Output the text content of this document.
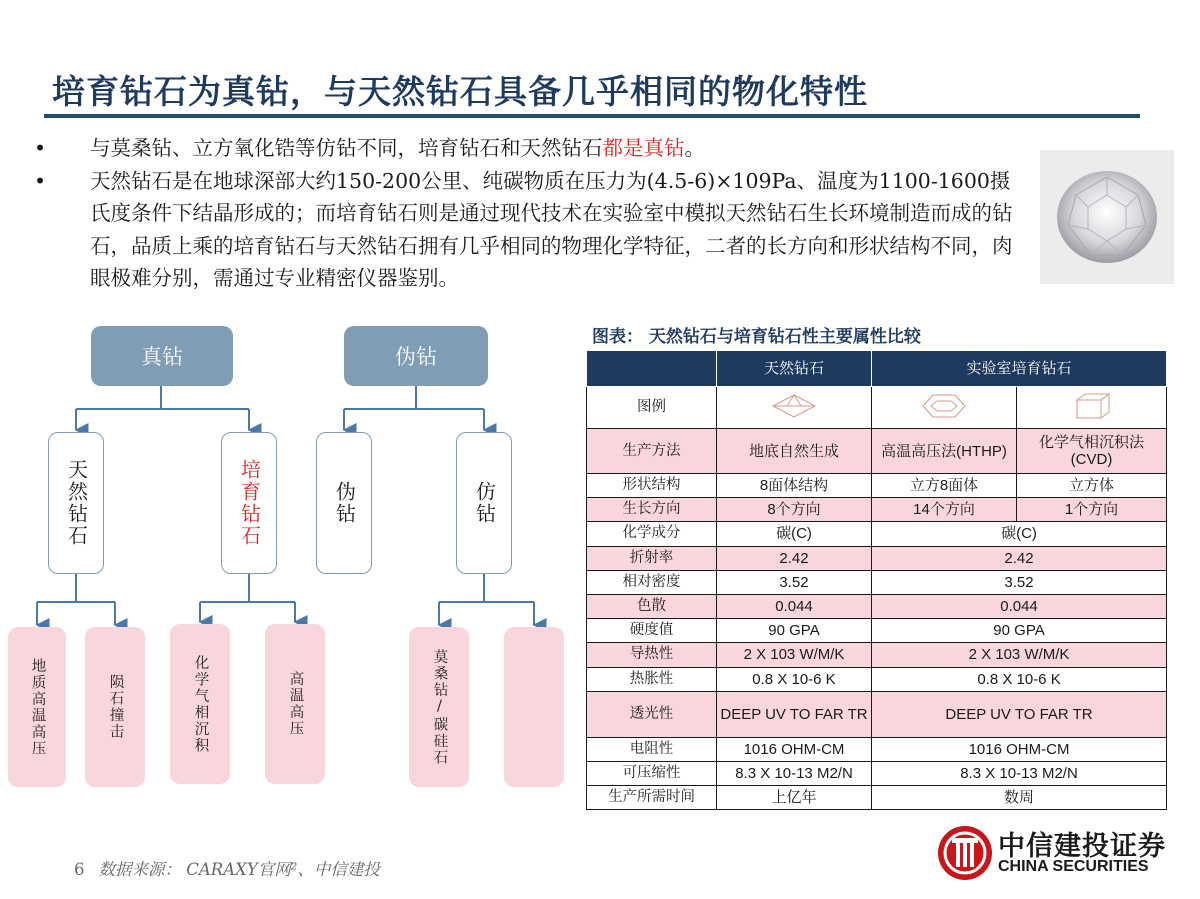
培育钻石为真钻，与天然钻石具备几乎相同的物化特性
• 与莫桑钻、立方氧化锆等仿钻不同，培育钻石和天然钻石都是真钻。
• 天然钻石是在地球深部大约150-200公里、纯碳物质在压力为(4.5-6)×109Pa、温度为1100-1600摄氏度条件下结晶形成的；而培育钻石则是通过现代技术在实验室中模拟天然钻石生长环境制造而成的钻石，品质上乘的培育钻石与天然钻石拥有几乎相同的物理化学特征，二者的长方向和形状结构不同，肉眼极难分别，需通过专业精密仪器鉴别。
真钻	伪钻
天然钻石	培育钻石	伪钻	仿钻
地质高温高压	陨石撞击	化学气相沉积	高温高压	莫桑钻/碳硅石
图表： 天然钻石与培育钻石性主要属性比较
	天然钻石	实验室培育钻石	
图例			
生产方法	地底自然生成	高温高压法(HTHP)	化学气相沉积法(CVD)
形状结构	8面体结构	立方8面体	立方体
生长方向	8个方向	14个方向	1个方向
化学成分	碳(C)	碳(C)	
折射率	2.42	2.42	
相对密度	3.52	3.52	
色散	0.044	0.044	
硬度值	90 GPA	90 GPA	
导热性	2 X 103 W/M/K	2 X 103 W/M/K	
热胀性	0.8 X 10-6 K	0.8 X 10-6 K	
透光性	DEEP UV TO FAR TR	DEEP UV TO FAR TR	
电阻性	1016 OHM-CM	1016 OHM-CM	
可压缩性	8.3 X 10-13 M2/N	8.3 X 10-13 M2/N	
生产所需时间	上亿年	数周	
6 数据来源： CARAXY官网²、中信建投
中信建投证券
CHINA SECURITIES
